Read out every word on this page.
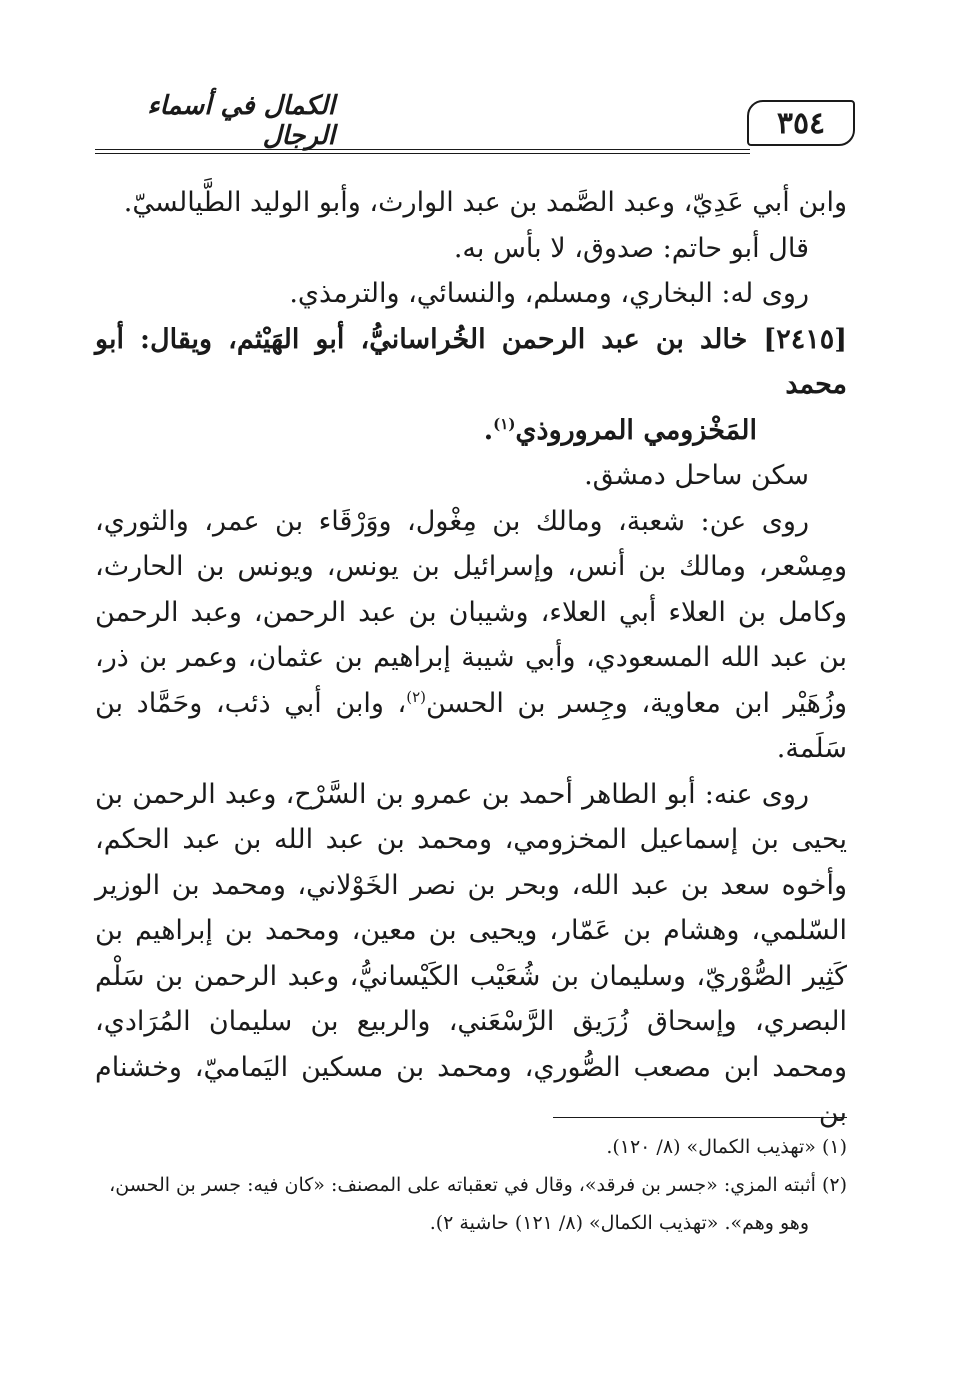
٣٥٤
الكمال في أسماء الرجال

وابن أبي عَدِيّ، وعبد الصَّمد بن عبد الوارث، وأبو الوليد الطَّيالسيّ.

قال أبو حاتم: صدوق، لا بأس به.

روى له: البخاري، ومسلم، والنسائي، والترمذي.

[٢٤١٥] خالد بن عبد الرحمن الخُراسانيُّ، أبو الهَيْثم، ويقال: أبو محمد
المَخْزومي المروروذي$^{(١)}$.

سكن ساحل دمشق.

روى عن: شعبة، ومالك بن مِغْول، ووَرْقَاء بن عمر، والثوري، ومِسْعر، ومالك بن أنس، وإسرائيل بن يونس، ويونس بن الحارث، وكامل بن العلاء أبي العلاء، وشيبان بن عبد الرحمن، وعبد الرحمن بن عبد الله المسعودي، وأبي شيبة إبراهيم بن عثمان، وعمر بن ذر، وزُهَيْر ابن معاوية، وجِسر بن الحسن$^{(٢)}$، وابن أبي ذئب، وحَمَّاد بن سَلَمة.

روى عنه: أبو الطاهر أحمد بن عمرو بن السَّرْح، وعبد الرحمن بن يحيى بن إسماعيل المخزومي، ومحمد بن عبد الله بن عبد الحكم، وأخوه سعد بن عبد الله، وبحر بن نصر الخَوْلاني، ومحمد بن الوزير السّلمي، وهشام بن عَمّار، ويحيى بن معين، ومحمد بن إبراهيم بن كَثِير الصُّوْريّ، وسليمان بن شُعَيْب الكَيْسانيُّ، وعبد الرحمن بن سَلْم البصري، وإسحاق زُرَيق الرَّسْعَني، والربيع بن سليمان المُرَادي، ومحمد ابن مصعب الصُّوري، ومحمد بن مسكين اليَماميّ، وخشنام بن

(١) «تهذيب الكمال» (٨/ ١٢٠).

(٢) أثبته المزي: «جسر بن فرقد»، وقال في تعقباته على المصنف: «كان فيه: جسر بن الحسن،

وهو وهم». «تهذيب الكمال» (٨/ ١٢١) حاشية ٢).
